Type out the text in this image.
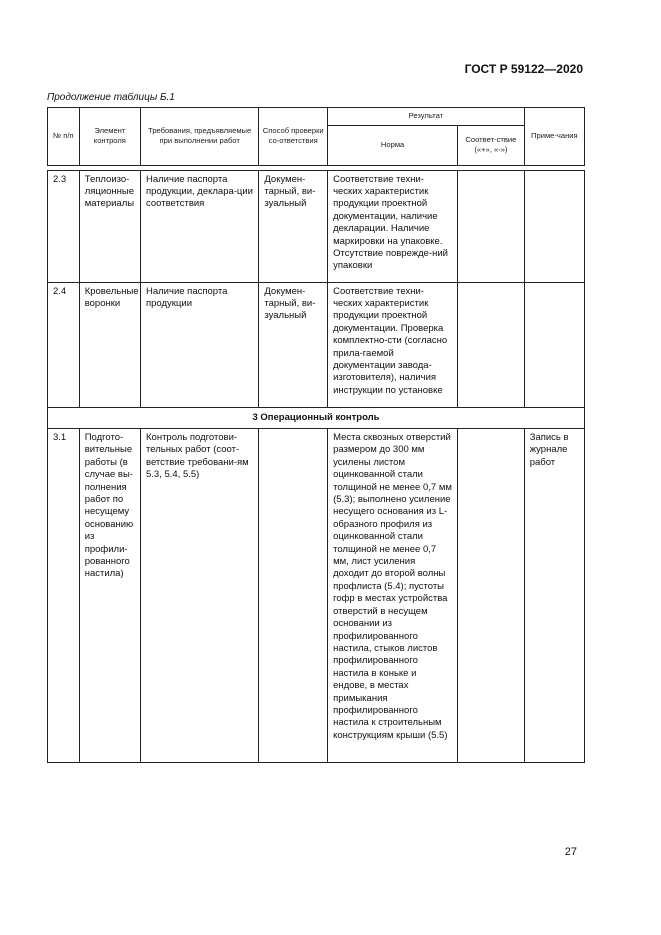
ГОСТ Р 59122—2020
Продолжение таблицы Б.1
№ п/п	Элемент контроля	Требования, предъявляемые при выполнении работ	Способ проверки со-ответствия	Результат		Приме-чания
				Норма	Соответ-ствие («+», «-»)	

2.3	Теплоизо-ляционные материалы	Наличие паспорта продукции, деклара-ции соответствия	Докумен-тарный, ви-зуальный	Соответствие техни-ческих характеристик продукции проектной документации, наличие декларации. Наличие маркировки на упаковке. Отсутствие поврежде-ний упаковки		
2.4	Кровельные воронки	Наличие паспорта продукции	Докумен-тарный, ви-зуальный	Соответствие техни-ческих характеристик продукции проектной документации. Проверка комплектно-сти (согласно прила-гаемой документации завода-изготовителя), наличия инструкции по установке		
3 Операционный контроль						
3.1	Подгото-вительные работы (в случае вы-полнения работ по несущему основанию из профили-рованного настила)	Контроль подготови-тельных работ (соот-ветствие требовани-ям 5.3, 5.4, 5.5)		Места сквозных отверстий размером до 300 мм усилены листом оцинкованной стали толщиной не менее 0,7 мм (5.3); выполнено усиление несущего основания из L-образного профиля из оцинкованной стали толщиной не менее 0,7 мм, лист усиления доходит до второй волны профлиста (5.4); пустоты гофр в местах устройства отверстий в несущем основании из профилированного настила, стыков листов профилированного настила в коньке и ендове, в местах примыкания профилированного настила к строительным конструкциям крыши (5.5)		Запись в журнале работ
27
